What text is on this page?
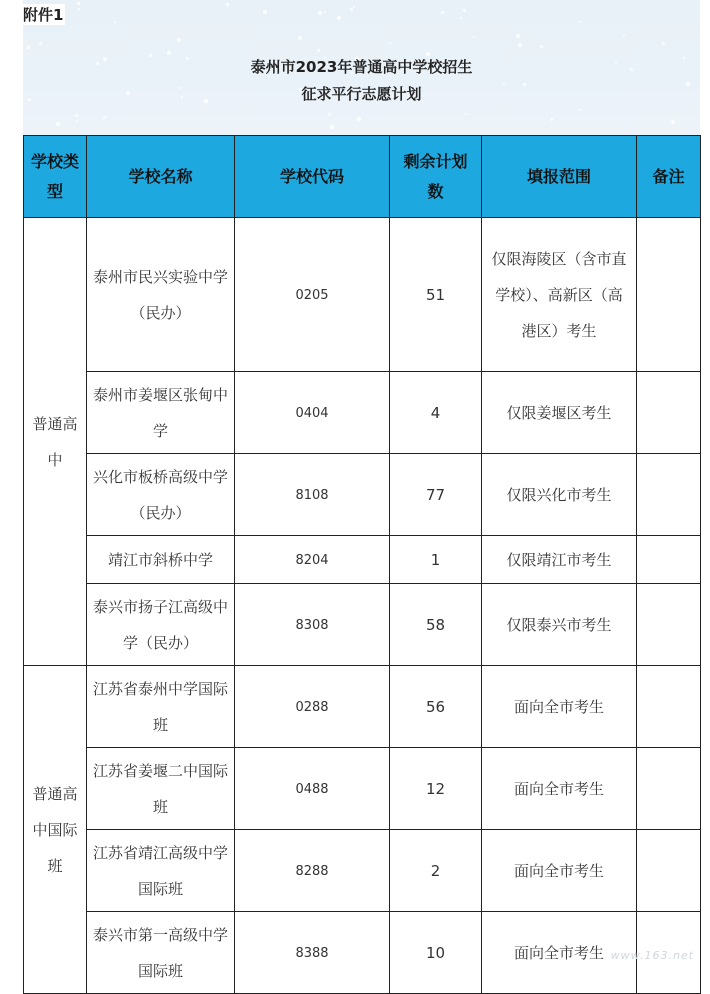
附件1
泰州市2023年普通高中学校招生
征求平行志愿计划
学校类型	学校名称	学校代码	剩余计划数	填报范围	备注

普通高中	泰州市民兴实验中学（民办）	0205	51	仅限海陵区（含市直学校）、高新区（高港区）考生	

	泰州市姜堰区张甸中学	0404	4	仅限姜堰区考生	

	兴化市板桥高级中学（民办）	8108	77	仅限兴化市考生	

	靖江市斜桥中学	8204	1	仅限靖江市考生	

	泰兴市扬子江高级中学（民办）	8308	58	仅限泰兴市考生	

普通高中国际班	江苏省泰州中学国际班	0288	56	面向全市考生	

	江苏省姜堰二中国际班	0488	12	面向全市考生	

	江苏省靖江高级中学国际班	8288	2	面向全市考生	

	泰兴市第一高级中学国际班	8388	10	面向全市考生	
	www.163.net
